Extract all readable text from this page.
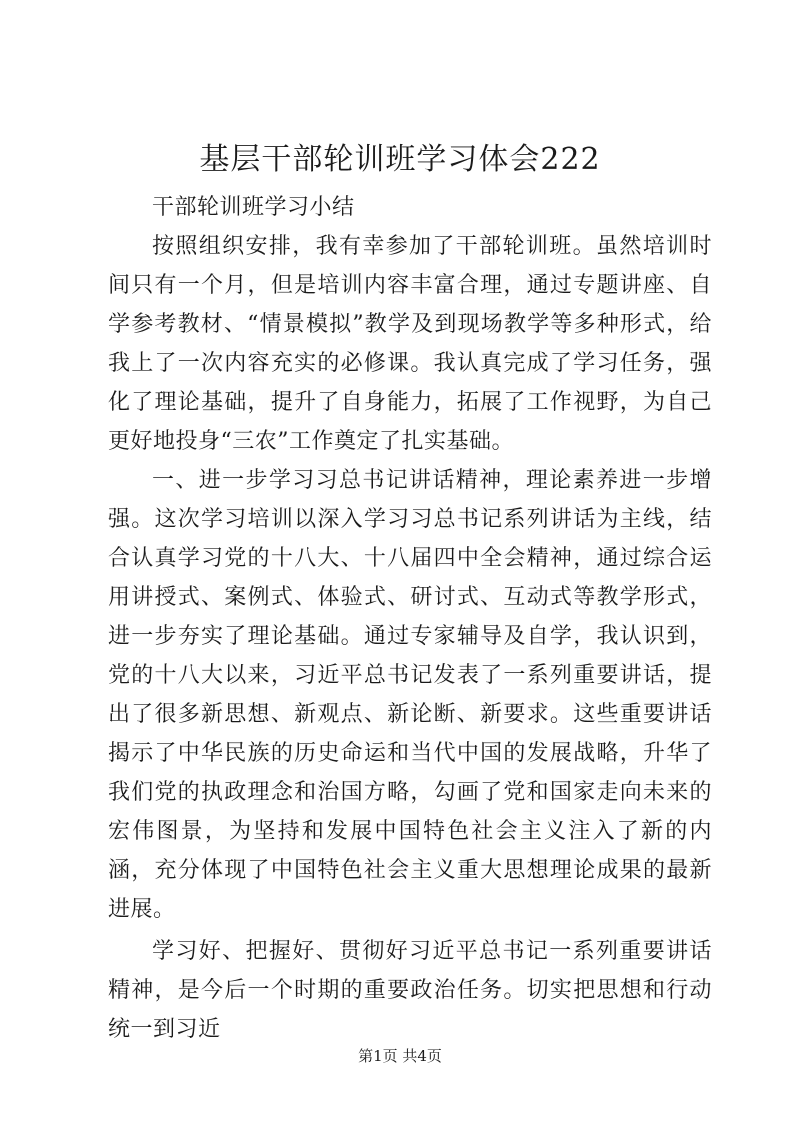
基层干部轮训班学习体会222

干部轮训班学习小结

按照组织安排，我有幸参加了干部轮训班。虽然培训时间只有一个月，但是培训内容丰富合理，通过专题讲座、自学参考教材、“情景模拟”教学及到现场教学等多种形式，给我上了一次内容充实的必修课。我认真完成了学习任务，强化了理论基础，提升了自身能力，拓展了工作视野，为自己更好地投身“三农”工作奠定了扎实基础。

一、进一步学习习总书记讲话精神，理论素养进一步增强。这次学习培训以深入学习习总书记系列讲话为主线，结合认真学习党的十八大、十八届四中全会精神，通过综合运用讲授式、案例式、体验式、研讨式、互动式等教学形式，进一步夯实了理论基础。通过专家辅导及自学，我认识到，党的十八大以来，习近平总书记发表了一系列重要讲话，提出了很多新思想、新观点、新论断、新要求。这些重要讲话揭示了中华民族的历史命运和当代中国的发展战略，升华了我们党的执政理念和治国方略，勾画了党和国家走向未来的宏伟图景，为坚持和发展中国特色社会主义注入了新的内涵，充分体现了中国特色社会主义重大思想理论成果的最新进展。

学习好、把握好、贯彻好习近平总书记一系列重要讲话精神，是今后一个时期的重要政治任务。切实把思想和行动统一到习近

第1页 共4页
